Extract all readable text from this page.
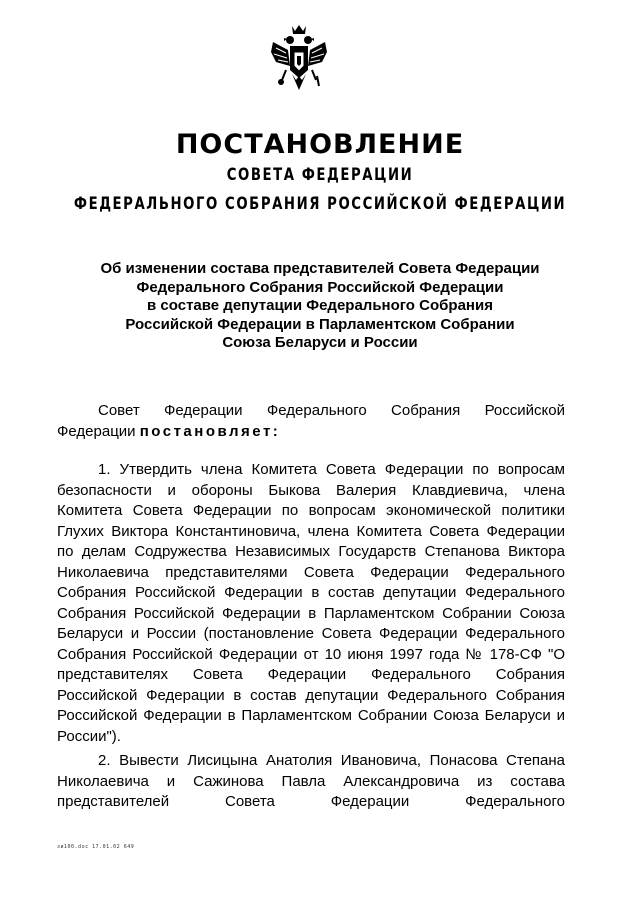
ПОСТАНОВЛЕНИЕ
СОВЕТА ФЕДЕРАЦИИ
ФЕДЕРАЛЬНОГО СОБРАНИЯ РОССИЙСКОЙ ФЕДЕРАЦИИ
Об изменении состава представителей Совета Федерации
Федерального Собрания Российской Федерации
в составе депутации Федерального Собрания
Российской Федерации в Парламентском Собрании
Союза Беларуси и России
Совет Федерации Федерального Собрания Российской Федерации постановляет:
1. Утвердить члена Комитета Совета Федерации по вопросам безопасности и обороны Быкова Валерия Клавдиевича, члена Комитета Совета Федерации по вопросам экономической политики Глухих Виктора Константиновича, члена Комитета Совета Федерации по делам Содружества Независимых Государств Степанова Виктора Николаевича представителями Совета Федерации Федерального Собрания Российской Федерации в состав депутации Федерального Собрания Российской Федерации в Парламентском Собрании Союза Беларуси и России (постановление Совета Федерации Федерального Собрания Российской Федерации от 10 июня 1997 года № 178-СФ "О представителях Совета Федерации Федерального Собрания Российской Федерации в состав депутации Федерального Собрания Российской Федерации в Парламентском Собрании Союза Беларуси и России").
2. Вывести Лисицына Анатолия Ивановича, Понасова Степана Николаевича и Сажинова Павла Александровича из состава представителей Совета Федерации Федерального
зи100.doc 17.01.02 649
